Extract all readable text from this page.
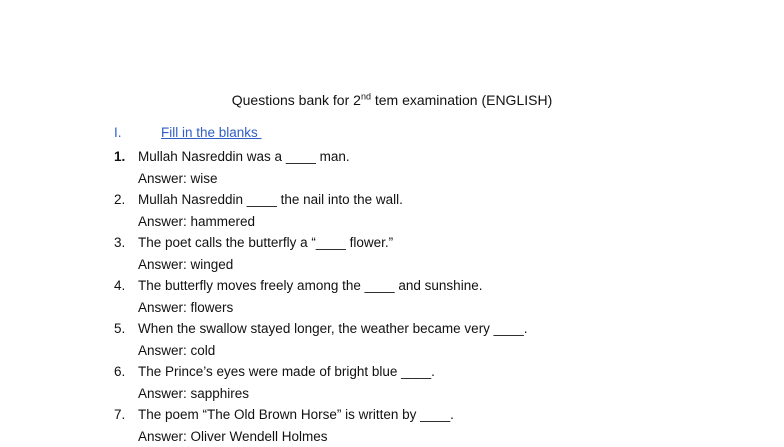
Questions bank for 2nd tem examination (ENGLISH)
I.	Fill in the blanks
1. Mullah Nasreddin was a ____ man.
Answer: wise
2. Mullah Nasreddin ____ the nail into the wall.
Answer: hammered
3. The poet calls the butterfly a “____ flower.”
Answer: winged
4. The butterfly moves freely among the ____ and sunshine.
Answer: flowers
5. When the swallow stayed longer, the weather became very ____.
Answer: cold
6. The Prince’s eyes were made of bright blue ____.
Answer: sapphires
7. The poem “The Old Brown Horse” is written by ____.
Answer: Oliver Wendell Holmes
